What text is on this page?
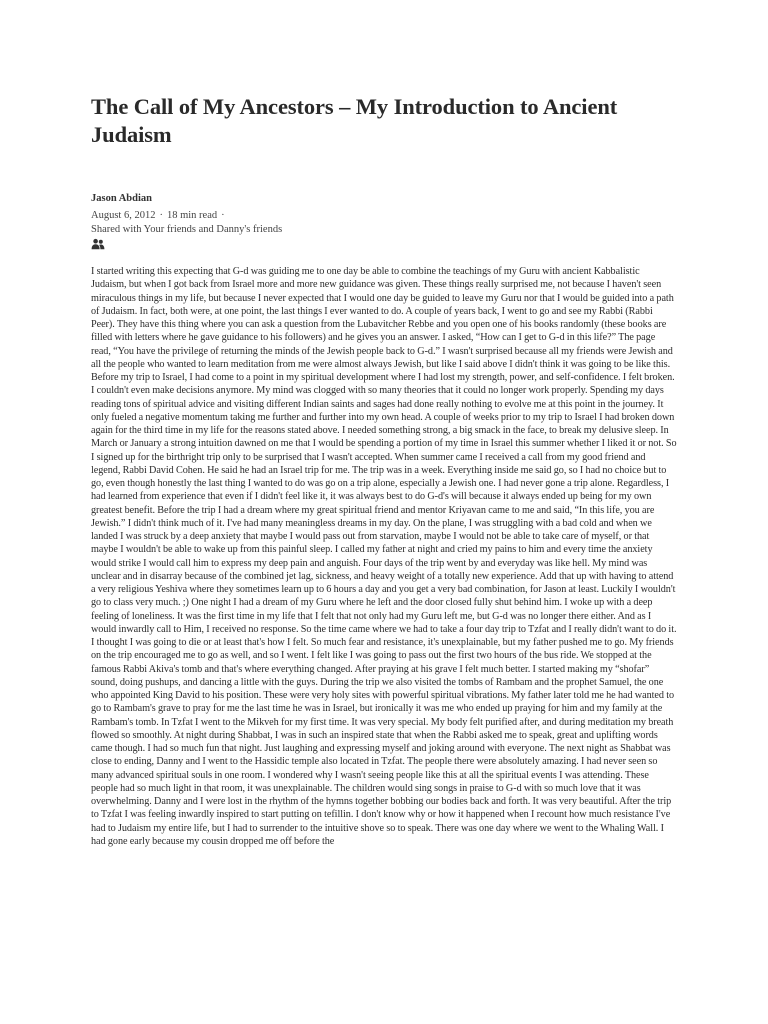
The Call of My Ancestors – My Introduction to Ancient Judaism
Jason Abdian
August 6, 2012 · 18 min read ·
Shared with Your friends and Danny's friends

I started writing this expecting that G-d was guiding me to one day be able to combine the teachings of my Guru with ancient Kabbalistic Judaism, but when I got back from Israel more and more new guidance was given. These things really surprised me, not because I haven't seen miraculous things in my life, but because I never expected that I would one day be guided to leave my Guru nor that I would be guided into a path of Judaism. In fact, both were, at one point, the last things I ever wanted to do. A couple of years back, I went to go and see my Rabbi (Rabbi Peer). They have this thing where you can ask a question from the Lubavitcher Rebbe and you open one of his books randomly (these books are filled with letters where he gave guidance to his followers) and he gives you an answer. I asked, “How can I get to G-d in this life?” The page read, “You have the privilege of returning the minds of the Jewish people back to G-d.” I wasn't surprised because all my friends were Jewish and all the people who wanted to learn meditation from me were almost always Jewish, but like I said above I didn't think it was going to be like this. Before my trip to Israel, I had come to a point in my spiritual development where I had lost my strength, power, and self-confidence. I felt broken. I couldn't even make decisions anymore. My mind was clogged with so many theories that it could no longer work properly. Spending my days reading tons of spiritual advice and visiting different Indian saints and sages had done really nothing to evolve me at this point in the journey. It only fueled a negative momentum taking me further and further into my own head. A couple of weeks prior to my trip to Israel I had broken down again for the third time in my life for the reasons stated above. I needed something strong, a big smack in the face, to break my delusive sleep. In March or January a strong intuition dawned on me that I would be spending a portion of my time in Israel this summer whether I liked it or not. So I signed up for the birthright trip only to be surprised that I wasn't accepted. When summer came I received a call from my good friend and legend, Rabbi David Cohen. He said he had an Israel trip for me. The trip was in a week. Everything inside me said go, so I had no choice but to go, even though honestly the last thing I wanted to do was go on a trip alone, especially a Jewish one. I had never gone a trip alone. Regardless, I had learned from experience that even if I didn't feel like it, it was always best to do G-d's will because it always ended up being for my own greatest benefit. Before the trip I had a dream where my great spiritual friend and mentor Kriyavan came to me and said, “In this life, you are Jewish.” I didn't think much of it. I've had many meaningless dreams in my day. On the plane, I was struggling with a bad cold and when we landed I was struck by a deep anxiety that maybe I would pass out from starvation, maybe I would not be able to take care of myself, or that maybe I wouldn't be able to wake up from this painful sleep. I called my father at night and cried my pains to him and every time the anxiety would strike I would call him to express my deep pain and anguish. Four days of the trip went by and everyday was like hell. My mind was unclear and in disarray because of the combined jet lag, sickness, and heavy weight of a totally new experience. Add that up with having to attend a very religious Yeshiva where they sometimes learn up to 6 hours a day and you get a very bad combination, for Jason at least. Luckily I wouldn't go to class very much. ;) One night I had a dream of my Guru where he left and the door closed fully shut behind him. I woke up with a deep feeling of loneliness. It was the first time in my life that I felt that not only had my Guru left me, but G-d was no longer there either. And as I would inwardly call to Him, I received no response. So the time came where we had to take a four day trip to Tzfat and I really didn't want to do it. I thought I was going to die or at least that's how I felt. So much fear and resistance, it's unexplainable, but my father pushed me to go. My friends on the trip encouraged me to go as well, and so I went. I felt like I was going to pass out the first two hours of the bus ride. We stopped at the famous Rabbi Akiva's tomb and that's where everything changed. After praying at his grave I felt much better. I started making my “shofar” sound, doing pushups, and dancing a little with the guys. During the trip we also visited the tombs of Rambam and the prophet Samuel, the one who appointed King David to his position. These were very holy sites with powerful spiritual vibrations. My father later told me he had wanted to go to Rambam's grave to pray for me the last time he was in Israel, but ironically it was me who ended up praying for him and my family at the Rambam's tomb. In Tzfat I went to the Mikveh for my first time. It was very special. My body felt purified after, and during meditation my breath flowed so smoothly. At night during Shabbat, I was in such an inspired state that when the Rabbi asked me to speak, great and uplifting words came though. I had so much fun that night. Just laughing and expressing myself and joking around with everyone. The next night as Shabbat was close to ending, Danny and I went to the Hassidic temple also located in Tzfat. The people there were absolutely amazing. I had never seen so many advanced spiritual souls in one room. I wondered why I wasn't seeing people like this at all the spiritual events I was attending. These people had so much light in that room, it was unexplainable. The children would sing songs in praise to G-d with so much love that it was overwhelming. Danny and I were lost in the rhythm of the hymns together bobbing our bodies back and forth. It was very beautiful. After the trip to Tzfat I was feeling inwardly inspired to start putting on tefillin. I don't know why or how it happened when I recount how much resistance I've had to Judaism my entire life, but I had to surrender to the intuitive shove so to speak. There was one day where we went to the Whaling Wall. I had gone early because my cousin dropped me off before the
